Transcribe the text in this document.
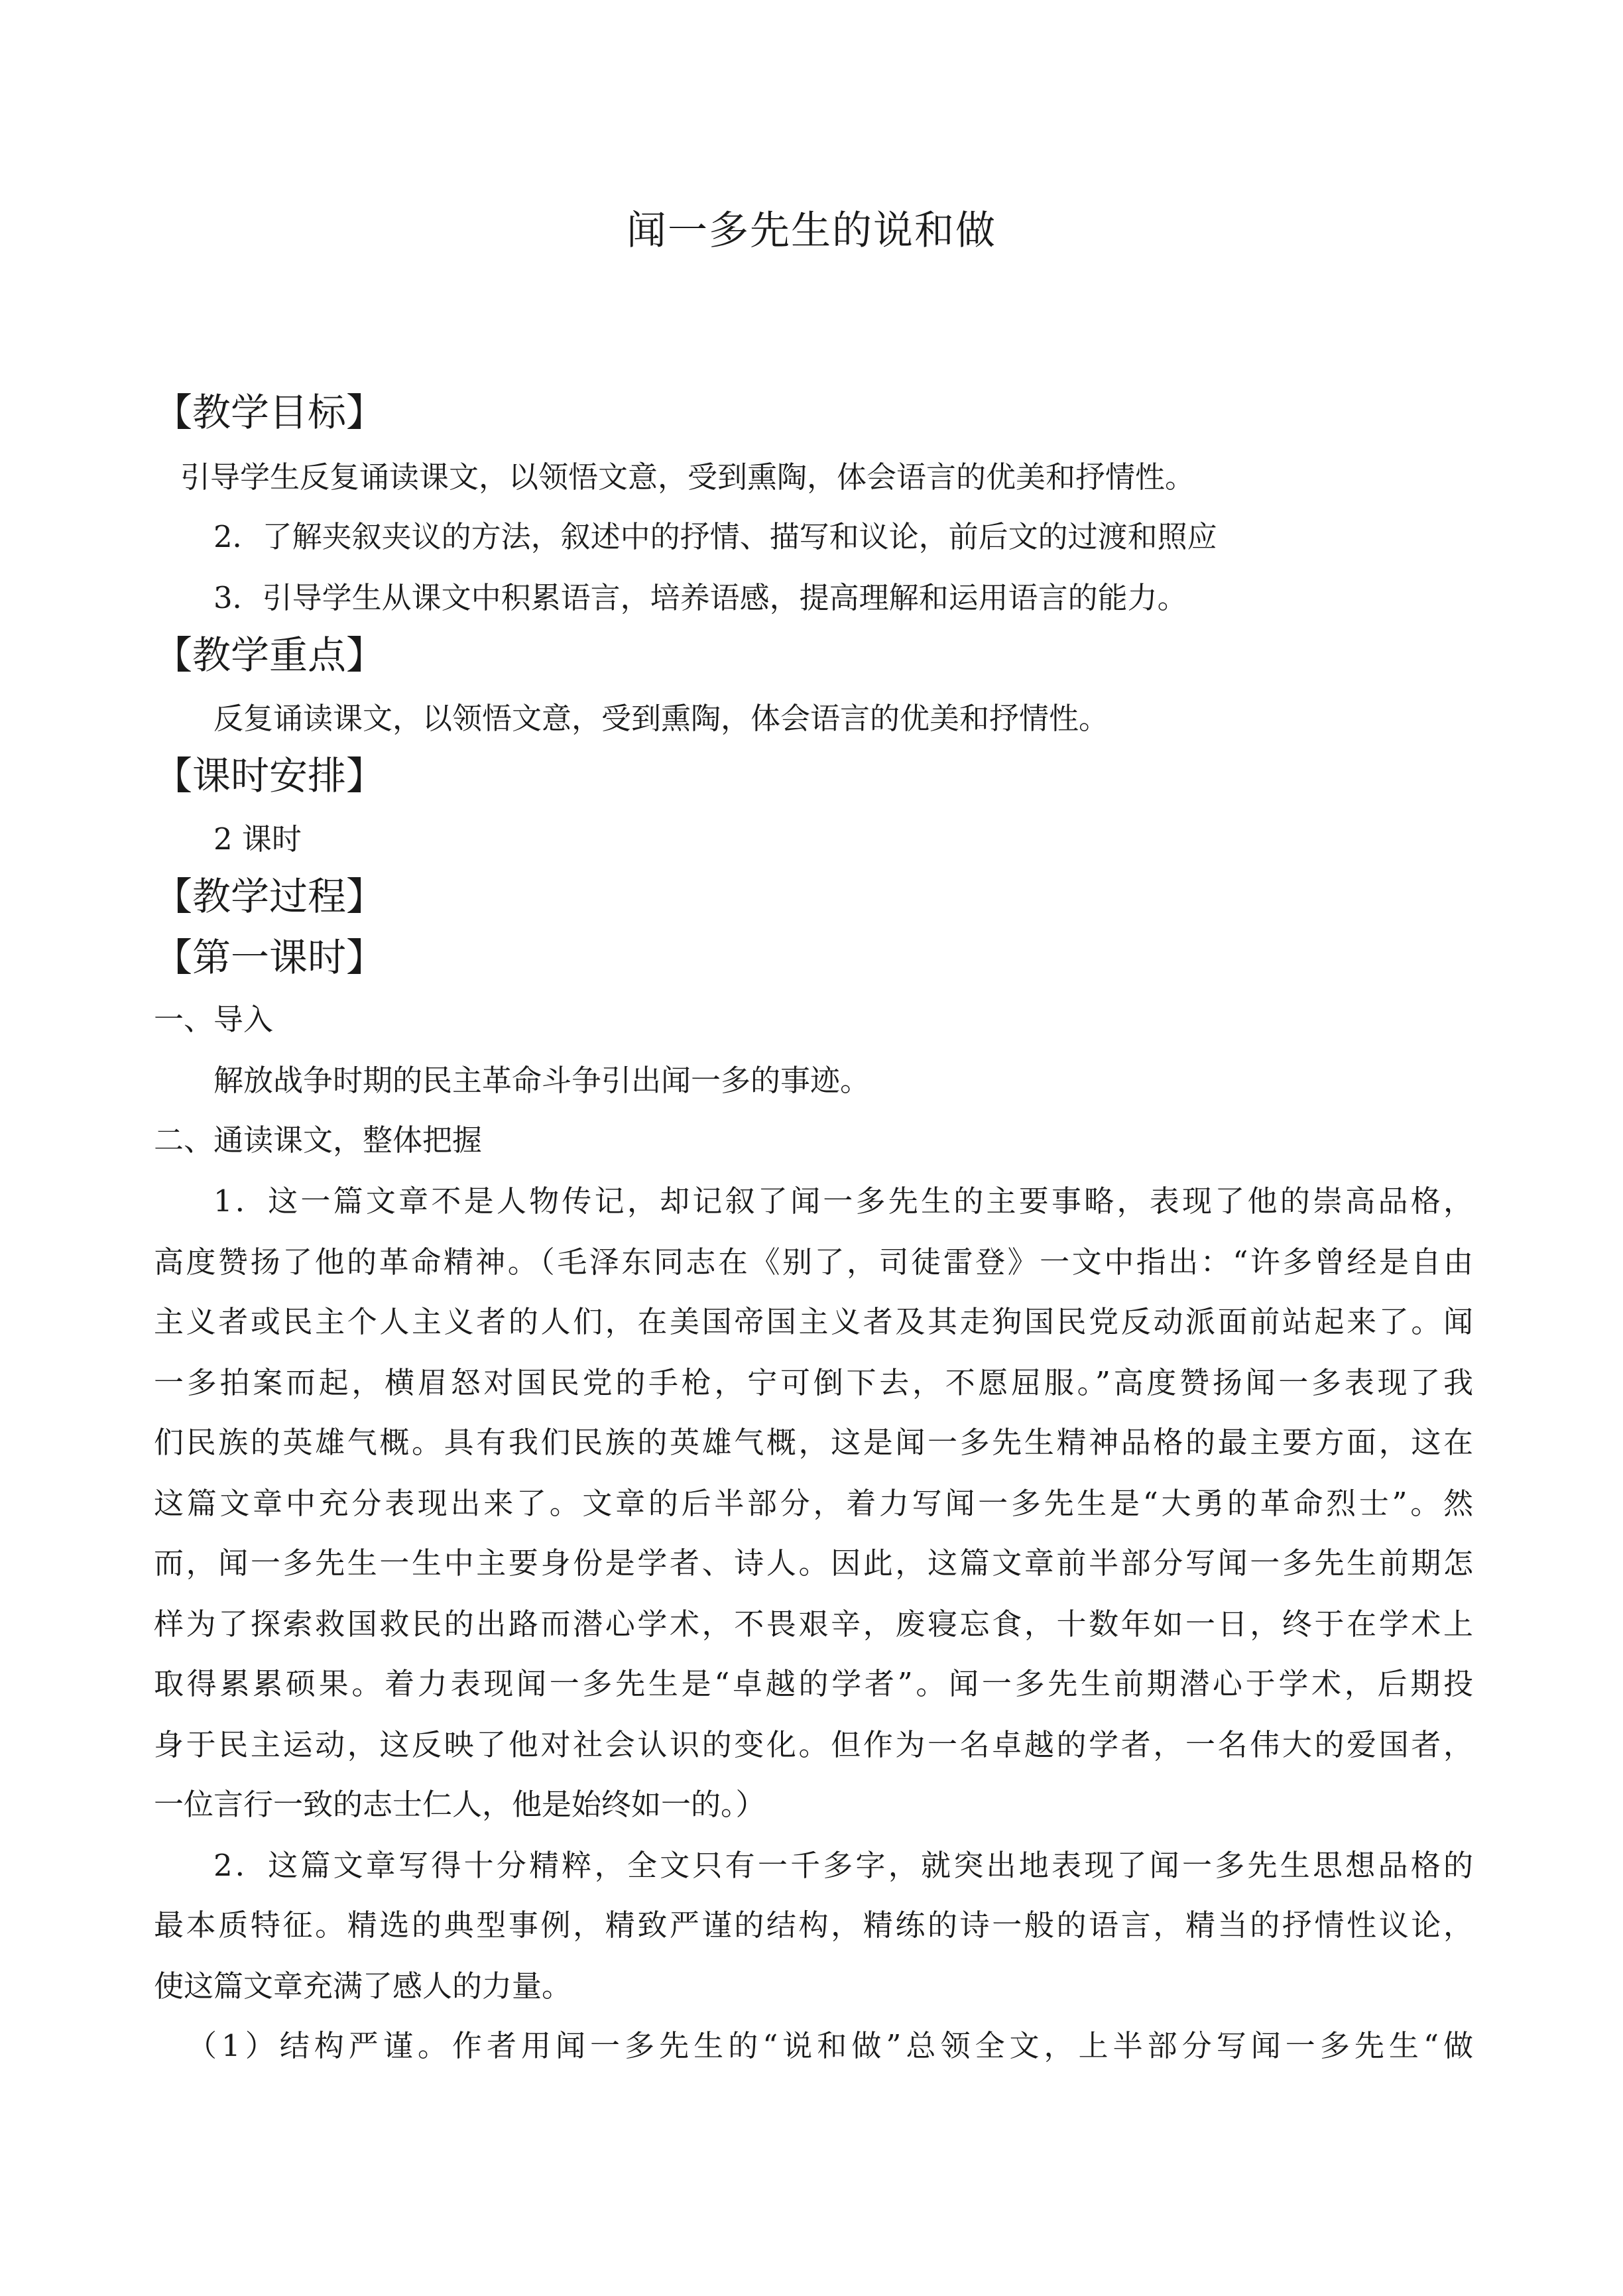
闻一多先生的说和做
【教学目标】
引导学生反复诵读课文，以领悟文意，受到熏陶，体会语言的优美和抒情性。
2．了解夹叙夹议的方法，叙述中的抒情、描写和议论，前后文的过渡和照应
3．引导学生从课文中积累语言，培养语感，提高理解和运用语言的能力。
【教学重点】
反复诵读课文，以领悟文意，受到熏陶，体会语言的优美和抒情性。
【课时安排】
2 课时
【教学过程】
【第一课时】
一、导入
解放战争时期的民主革命斗争引出闻一多的事迹。
二、通读课文，整体把握
1．这一篇文章不是人物传记，却记叙了闻一多先生的主要事略，表现了他的崇高品格，
高度赞扬了他的革命精神。（毛泽东同志在《别了，司徒雷登》一文中指出：“许多曾经是自由
主义者或民主个人主义者的人们，在美国帝国主义者及其走狗国民党反动派面前站起来了。闻
一多拍案而起，横眉怒对国民党的手枪，宁可倒下去，不愿屈服。”高度赞扬闻一多表现了我
们民族的英雄气概。具有我们民族的英雄气概，这是闻一多先生精神品格的最主要方面，这在
这篇文章中充分表现出来了。文章的后半部分，着力写闻一多先生是“大勇的革命烈士”。然
而，闻一多先生一生中主要身份是学者、诗人。因此，这篇文章前半部分写闻一多先生前期怎
样为了探索救国救民的出路而潜心学术，不畏艰辛，废寝忘食，十数年如一日，终于在学术上
取得累累硕果。着力表现闻一多先生是“卓越的学者”。闻一多先生前期潜心于学术，后期投
身于民主运动，这反映了他对社会认识的变化。但作为一名卓越的学者，一名伟大的爱国者，
一位言行一致的志士仁人，他是始终如一的。）
2．这篇文章写得十分精粹，全文只有一千多字，就突出地表现了闻一多先生思想品格的
最本质特征。精选的典型事例，精致严谨的结构，精练的诗一般的语言，精当的抒情性议论，
使这篇文章充满了感人的力量。
（1）结构严谨。作者用闻一多先生的“说和做”总领全文，上半部分写闻一多先生“做
